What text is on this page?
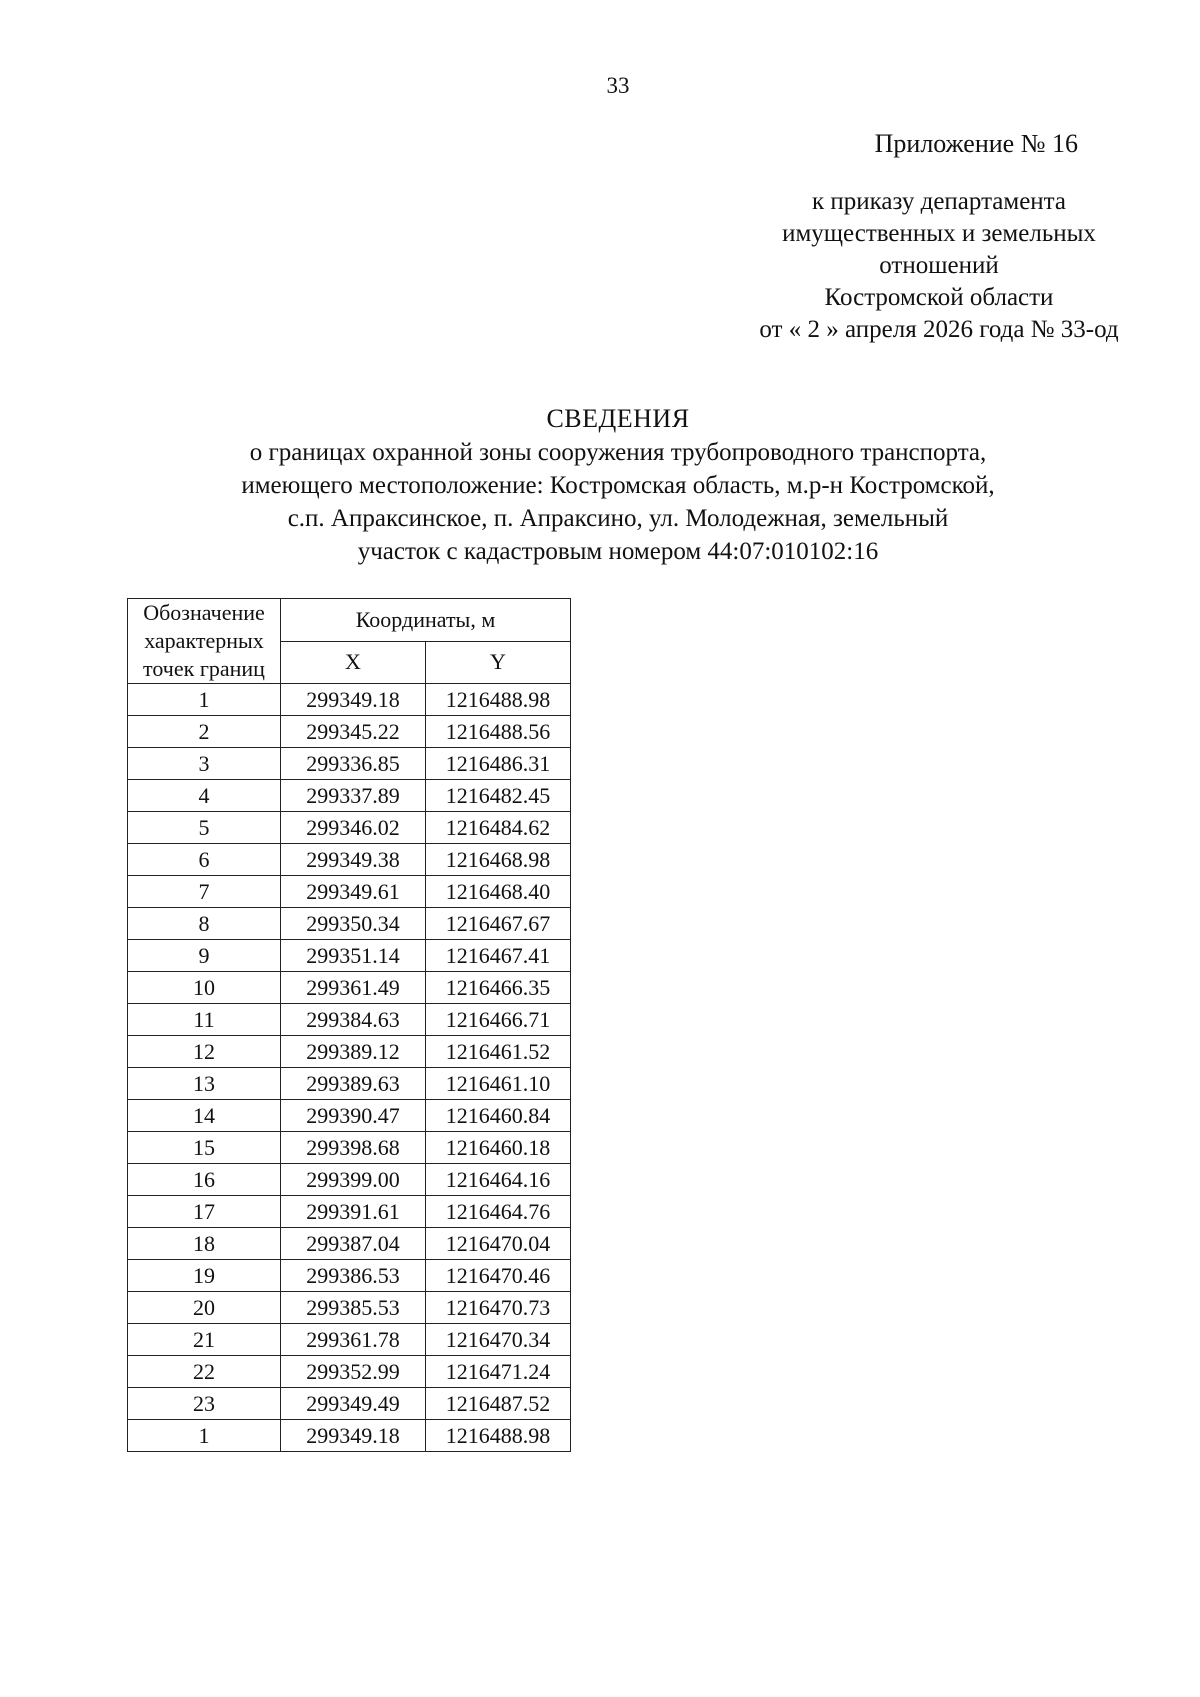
33
Приложение № 16
к приказу департамента
имущественных и земельных
отношений
Костромской области
от « 2 » апреля 2026 года № 33-од
СВЕДЕНИЯ
о границах охранной зоны сооружения трубопроводного транспорта,
имеющего местоположение: Костромская область, м.р-н Костромской,
с.п. Апраксинское, п. Апраксино, ул. Молодежная, земельный
участок с кадастровым номером 44:07:010102:16
Обозначение характерных точек границ	Координаты, м	
	X	Y
1	299349.18	1216488.98
2	299345.22	1216488.56
3	299336.85	1216486.31
4	299337.89	1216482.45
5	299346.02	1216484.62
6	299349.38	1216468.98
7	299349.61	1216468.40
8	299350.34	1216467.67
9	299351.14	1216467.41
10	299361.49	1216466.35
11	299384.63	1216466.71
12	299389.12	1216461.52
13	299389.63	1216461.10
14	299390.47	1216460.84
15	299398.68	1216460.18
16	299399.00	1216464.16
17	299391.61	1216464.76
18	299387.04	1216470.04
19	299386.53	1216470.46
20	299385.53	1216470.73
21	299361.78	1216470.34
22	299352.99	1216471.24
23	299349.49	1216487.52
1	299349.18	1216488.98
